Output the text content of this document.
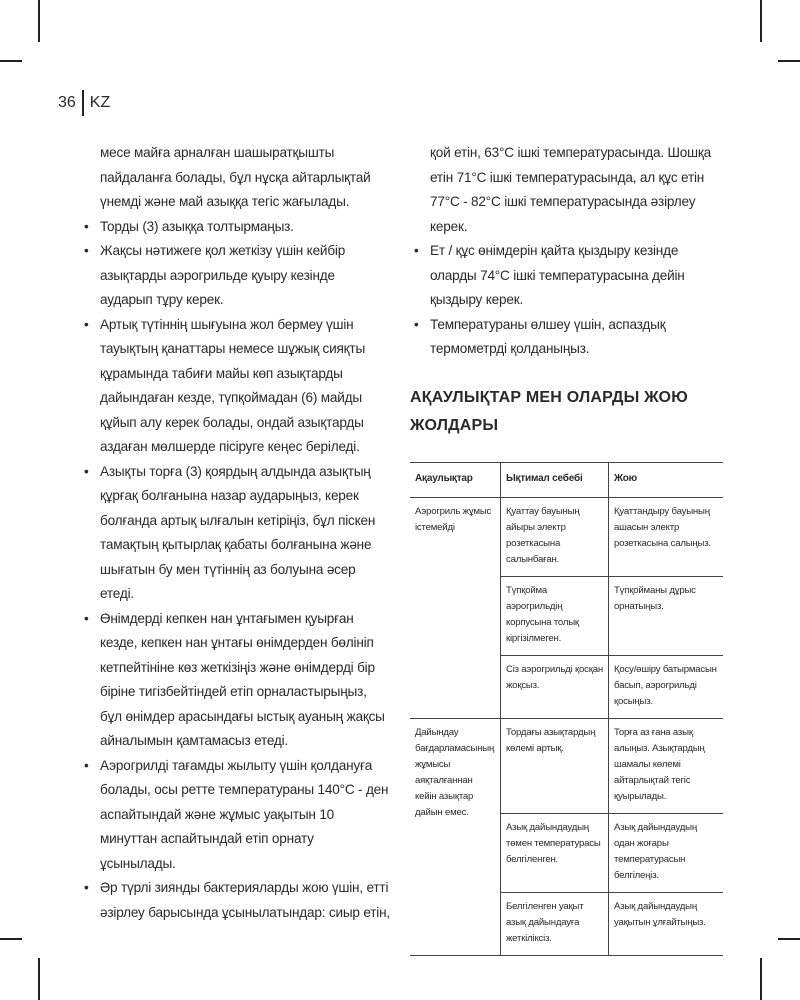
36 KZ
месе майға арналған шашыратқышты пайдаланға болады, бұл нұсқа айтарлықтай үнемді және май азыққа тегіс жағылады.
• Торды (3) азыққа толтырмаңыз.
• Жақсы нәтижеге қол жеткізу үшін кейбір азықтарды аэрогрильде қуыру кезінде аударып тұру керек.
• Артық түтіннің шығуына жол бермеу үшін тауықтың қанаттары немесе шұжық сияқты құрамында табиғи майы көп азықтарды дайындаған кезде, түпқоймадан (6) майды құйып алу керек болады, ондай азықтарды аздаған мөлшерде пісіруге кеңес беріледі.
• Азықты торға (3) қоярдың алдында азықтың құрғақ болғанына назар аударыңыз, керек болғанда артық ылғалын кетіріңіз, бұл піскен тамақтың қытырлақ қабаты болғанына және шығатын бу мен түтіннің аз болуына әсер етеді.
• Өнімдерді кепкен нан ұнтағымен қуырған кезде, кепкен нан ұнтағы өнімдерден бөлініп кетпейтініне көз жеткізіңіз және өнімдерді бір біріне тигізбейтіндей етіп орналастырыңыз, бұл өнімдер арасындағы ыстық ауаның жақсы айналымын қамтамасыз етеді.
• Аэрогрилді тағамды жылыту үшін қолдануға болады, осы ретте температураны 140°C - ден аспайтындай және жұмыс уақытын 10 минуттан аспайтындай етіп орнату ұсынылады.
• Әр түрлі зиянды бактерияларды жою үшін, етті әзірлеу барысында ұсынылатындар: сиыр етін,
қой етін, 63°C ішкі температурасында. Шошқа етін 71°C ішкі температурасында, ал құс етін 77°C - 82°C ішкі температурасында әзірлеу керек.
• Ет / құс өнімдерін қайта қыздыру кезінде оларды 74°C ішкі температурасына дейін қыздыру керек.
• Температураны өлшеу үшін, аспаздық термометрді қолданыңыз.
АҚАУЛЫҚТАР МЕН ОЛАРДЫ ЖОЮ ЖОЛДАРЫ
Ақаулықтар	Ықтимал себебі	Жою
Аэрогриль жұмыс істемейді	Қуаттау бауының айыры электр розеткасына салынбаған.	Қуаттандыру бауының ашасын электр розеткасына салыңыз.
	Түпқойма аэрогрильдің корпусына толық кіргізілмеген.	Түпқойманы дұрыс орнатыңыз.
	Сіз аэрогрильді қосқан жоқсыз.	Қосу/өшіру батырмасын басып, аэрогрильді қосыңыз.
Дайындау бағдарламасының жұмысы аяқталғаннан кейін азықтар дайын емес.	Тордағы азықтардың көлемі артық.	Торға аз ғана азық алыңыз. Азықтардың шамалы көлемі айтарлықтай тегіс қуырылады.
	Азық дайындаудың төмен температурасы белгіленген.	Азық дайындаудың одан жоғары температурасын белгілеңіз.
	Белгіленген уақыт азық дайындауға жеткіліксіз.	Азық дайындаудың уақытын ұлғайтыңыз.
